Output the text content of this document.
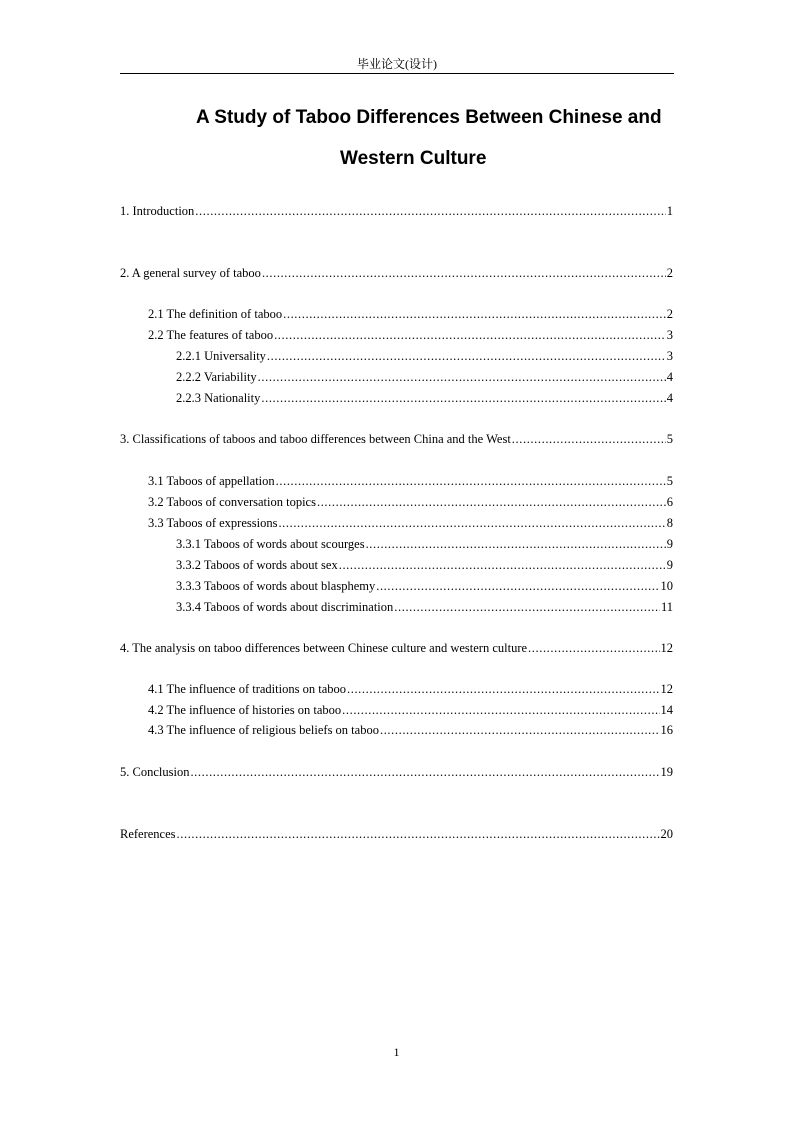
毕业论文(设计)
A Study of Taboo Differences Between Chinese and
Western Culture
1. Introduction .....	1
2. A general survey of taboo .....	2
2.1 The definition of taboo .....	2
2.2 The features of taboo .....	3
2.2.1 Universality .....	3
2.2.2 Variability .....	4
2.2.3 Nationality .....	4
3. Classifications of taboos and taboo differences between China and the West .....	5
3.1 Taboos of appellation .....	5
3.2 Taboos of conversation topics .....	6
3.3 Taboos of expressions .....	8
3.3.1 Taboos of words about scourges .....	9
3.3.2 Taboos of words about sex .....	9
3.3.3 Taboos of words about blasphemy .....	10
3.3.4 Taboos of words about discrimination .....	11
4. The analysis on taboo differences between Chinese culture and western culture .....	12
4.1 The influence of traditions on taboo .....	12
4.2 The influence of histories on taboo .....	14
4.3 The influence of religious beliefs on taboo .....	16
5. Conclusion .....	19
References .....	20
1
